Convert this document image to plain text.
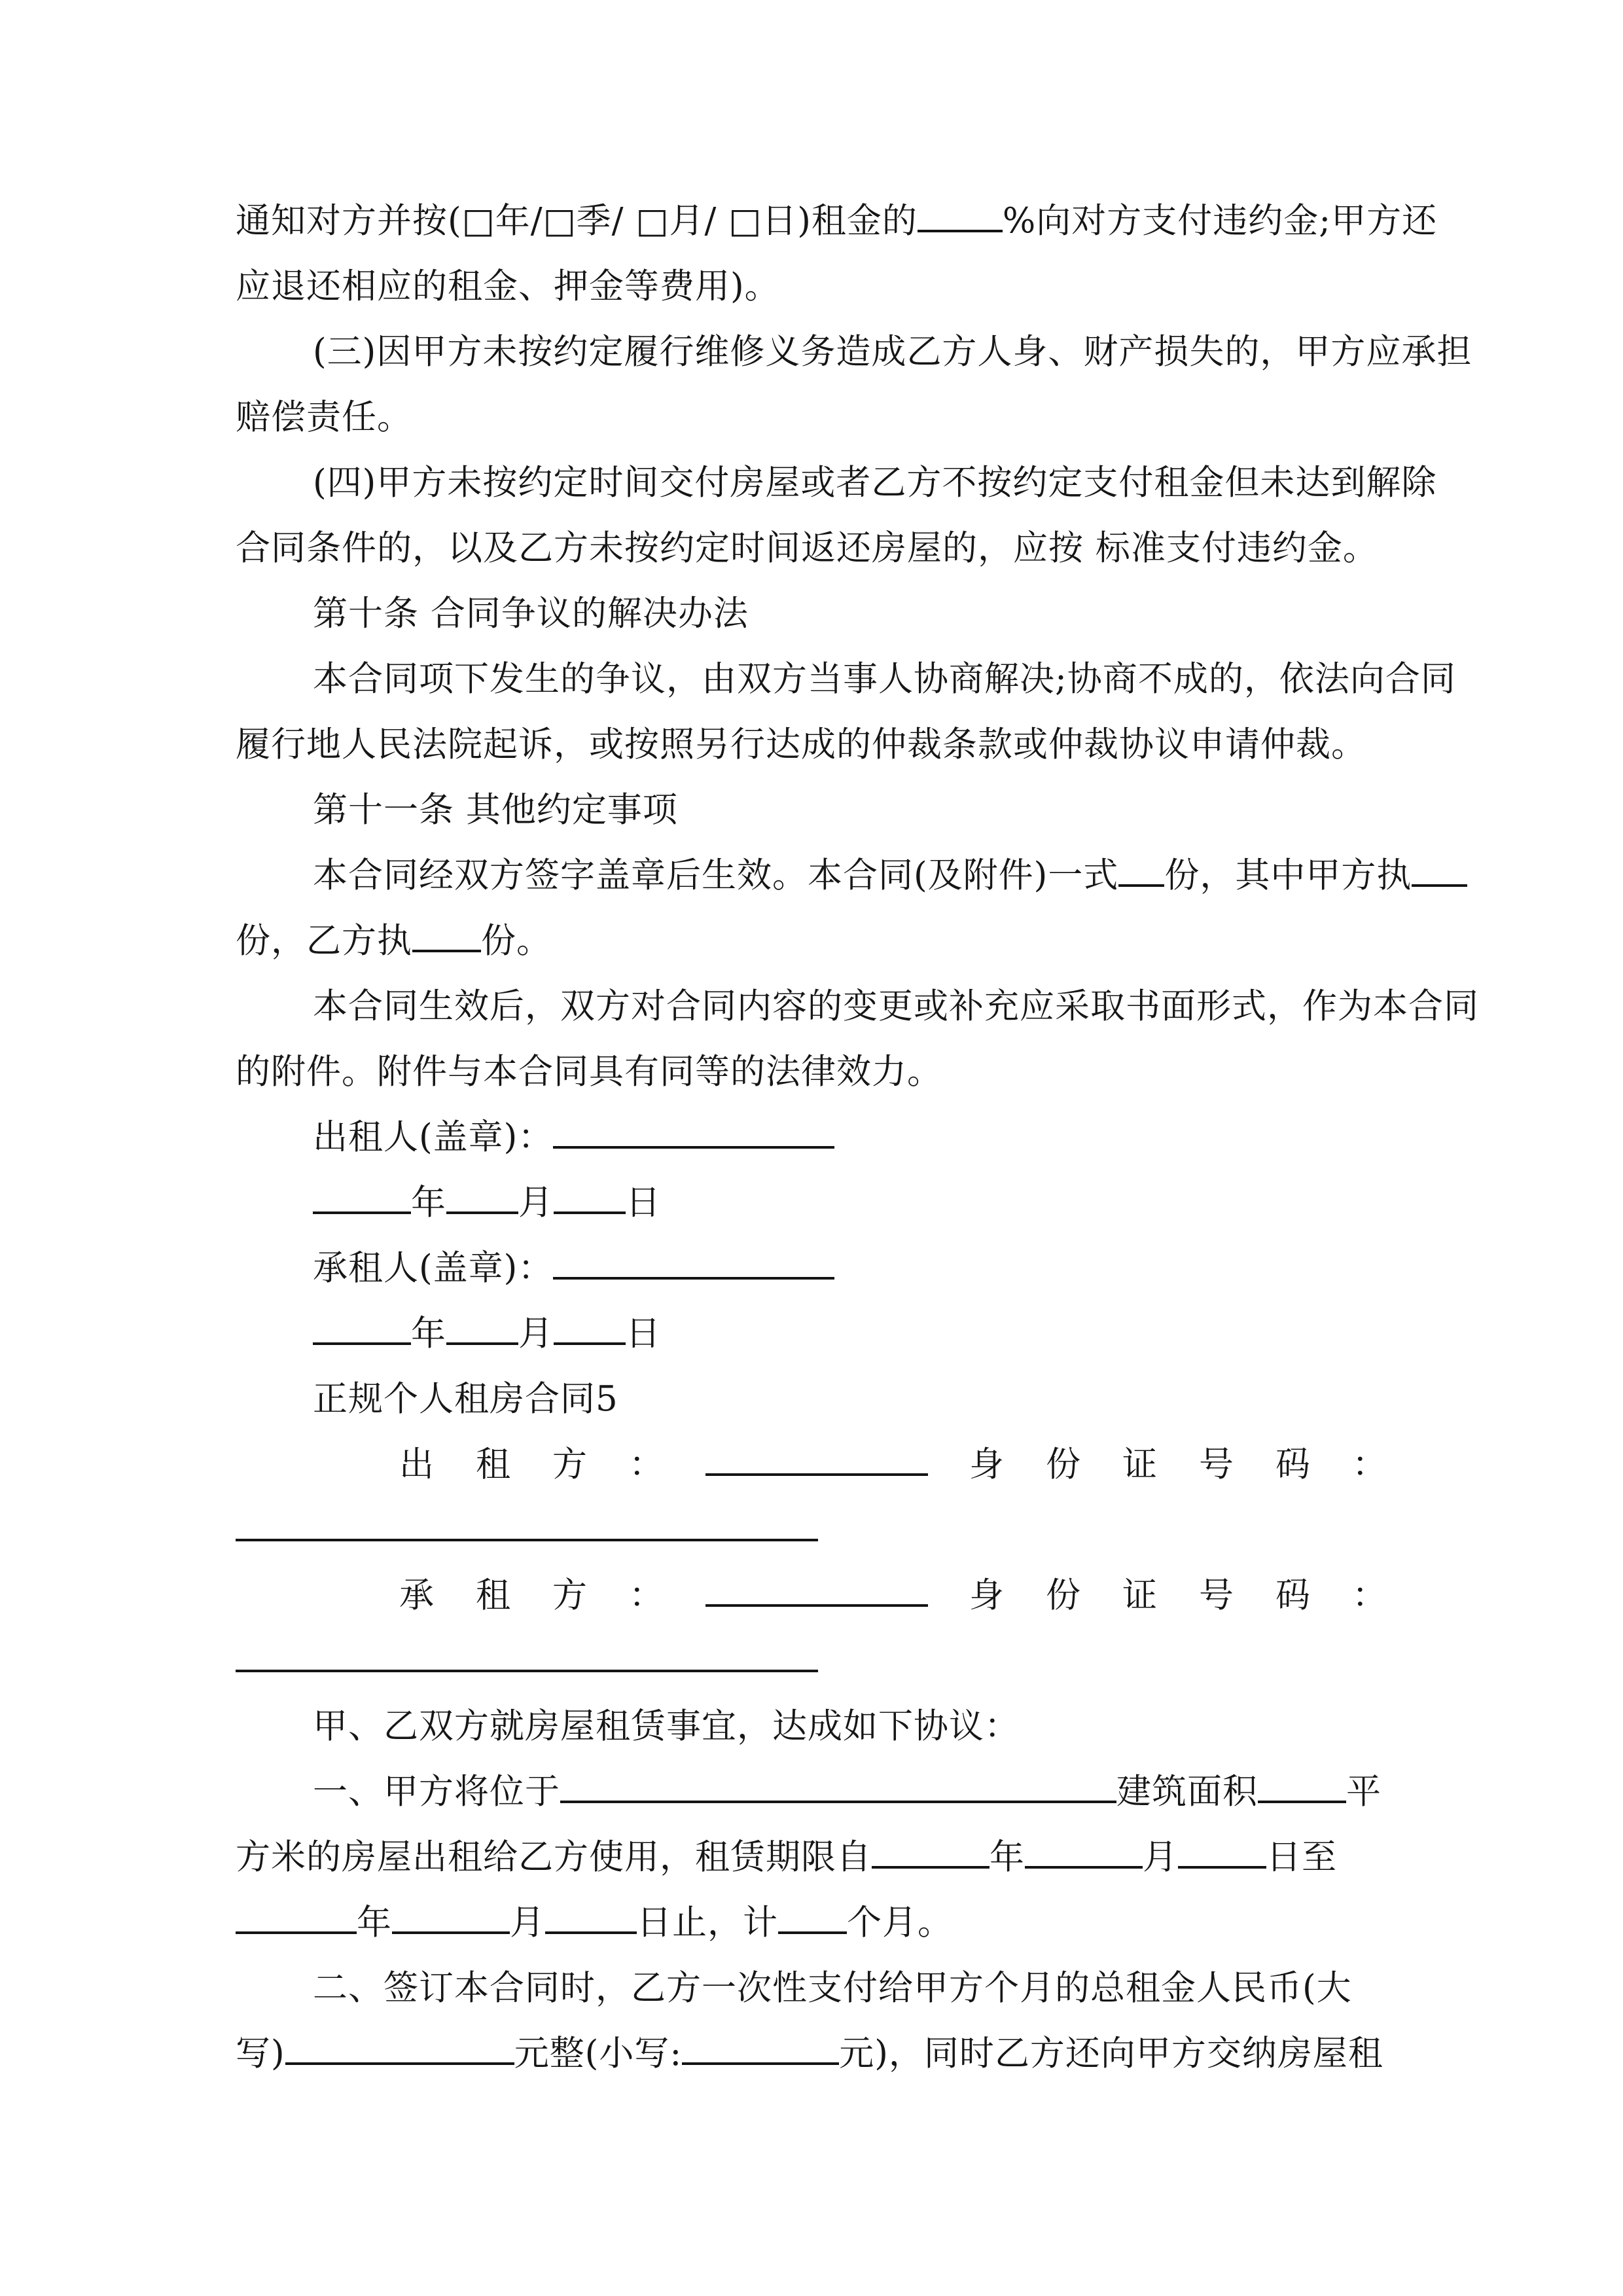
通知对方并按(□年/□季/ □月/ □日)租金的 %向对方支付违约金;甲方还
应退还相应的租金、押金等费用)。
(三)因甲方未按约定履行维修义务造成乙方人身、财产损失的，甲方应承担
赔偿责任。
(四)甲方未按约定时间交付房屋或者乙方不按约定支付租金但未达到解除
合同条件的，以及乙方未按约定时间返还房屋的，应按 标准支付违约金。
第十条 合同争议的解决办法
本合同项下发生的争议，由双方当事人协商解决;协商不成的，依法向合同
履行地人民法院起诉，或按照另行达成的仲裁条款或仲裁协议申请仲裁。
第十一条 其他约定事项
本合同经双方签字盖章后生效。本合同(及附件)一式 份，其中甲方执
份，乙方执 份。
本合同生效后，双方对合同内容的变更或补充应采取书面形式，作为本合同
的附件。附件与本合同具有同等的法律效力。
出租人(盖章)：
年 月 日
承租人(盖章)：
年 月 日
正规个人租房合同5
出 租 方 ：	身 份 证 号 码 ：
承 租 方 ：	身 份 证 号 码 ：
甲、乙双方就房屋租赁事宜，达成如下协议：
一、甲方将位于	建筑面积	平
方米的房屋出租给乙方使用，租赁期限自	年	月	日至
年	月	日止，计 个月。
二、签订本合同时，乙方一次性支付给甲方个月的总租金人民币(大
写)	元整(小写:	元)，同时乙方还向甲方交纳房屋租
